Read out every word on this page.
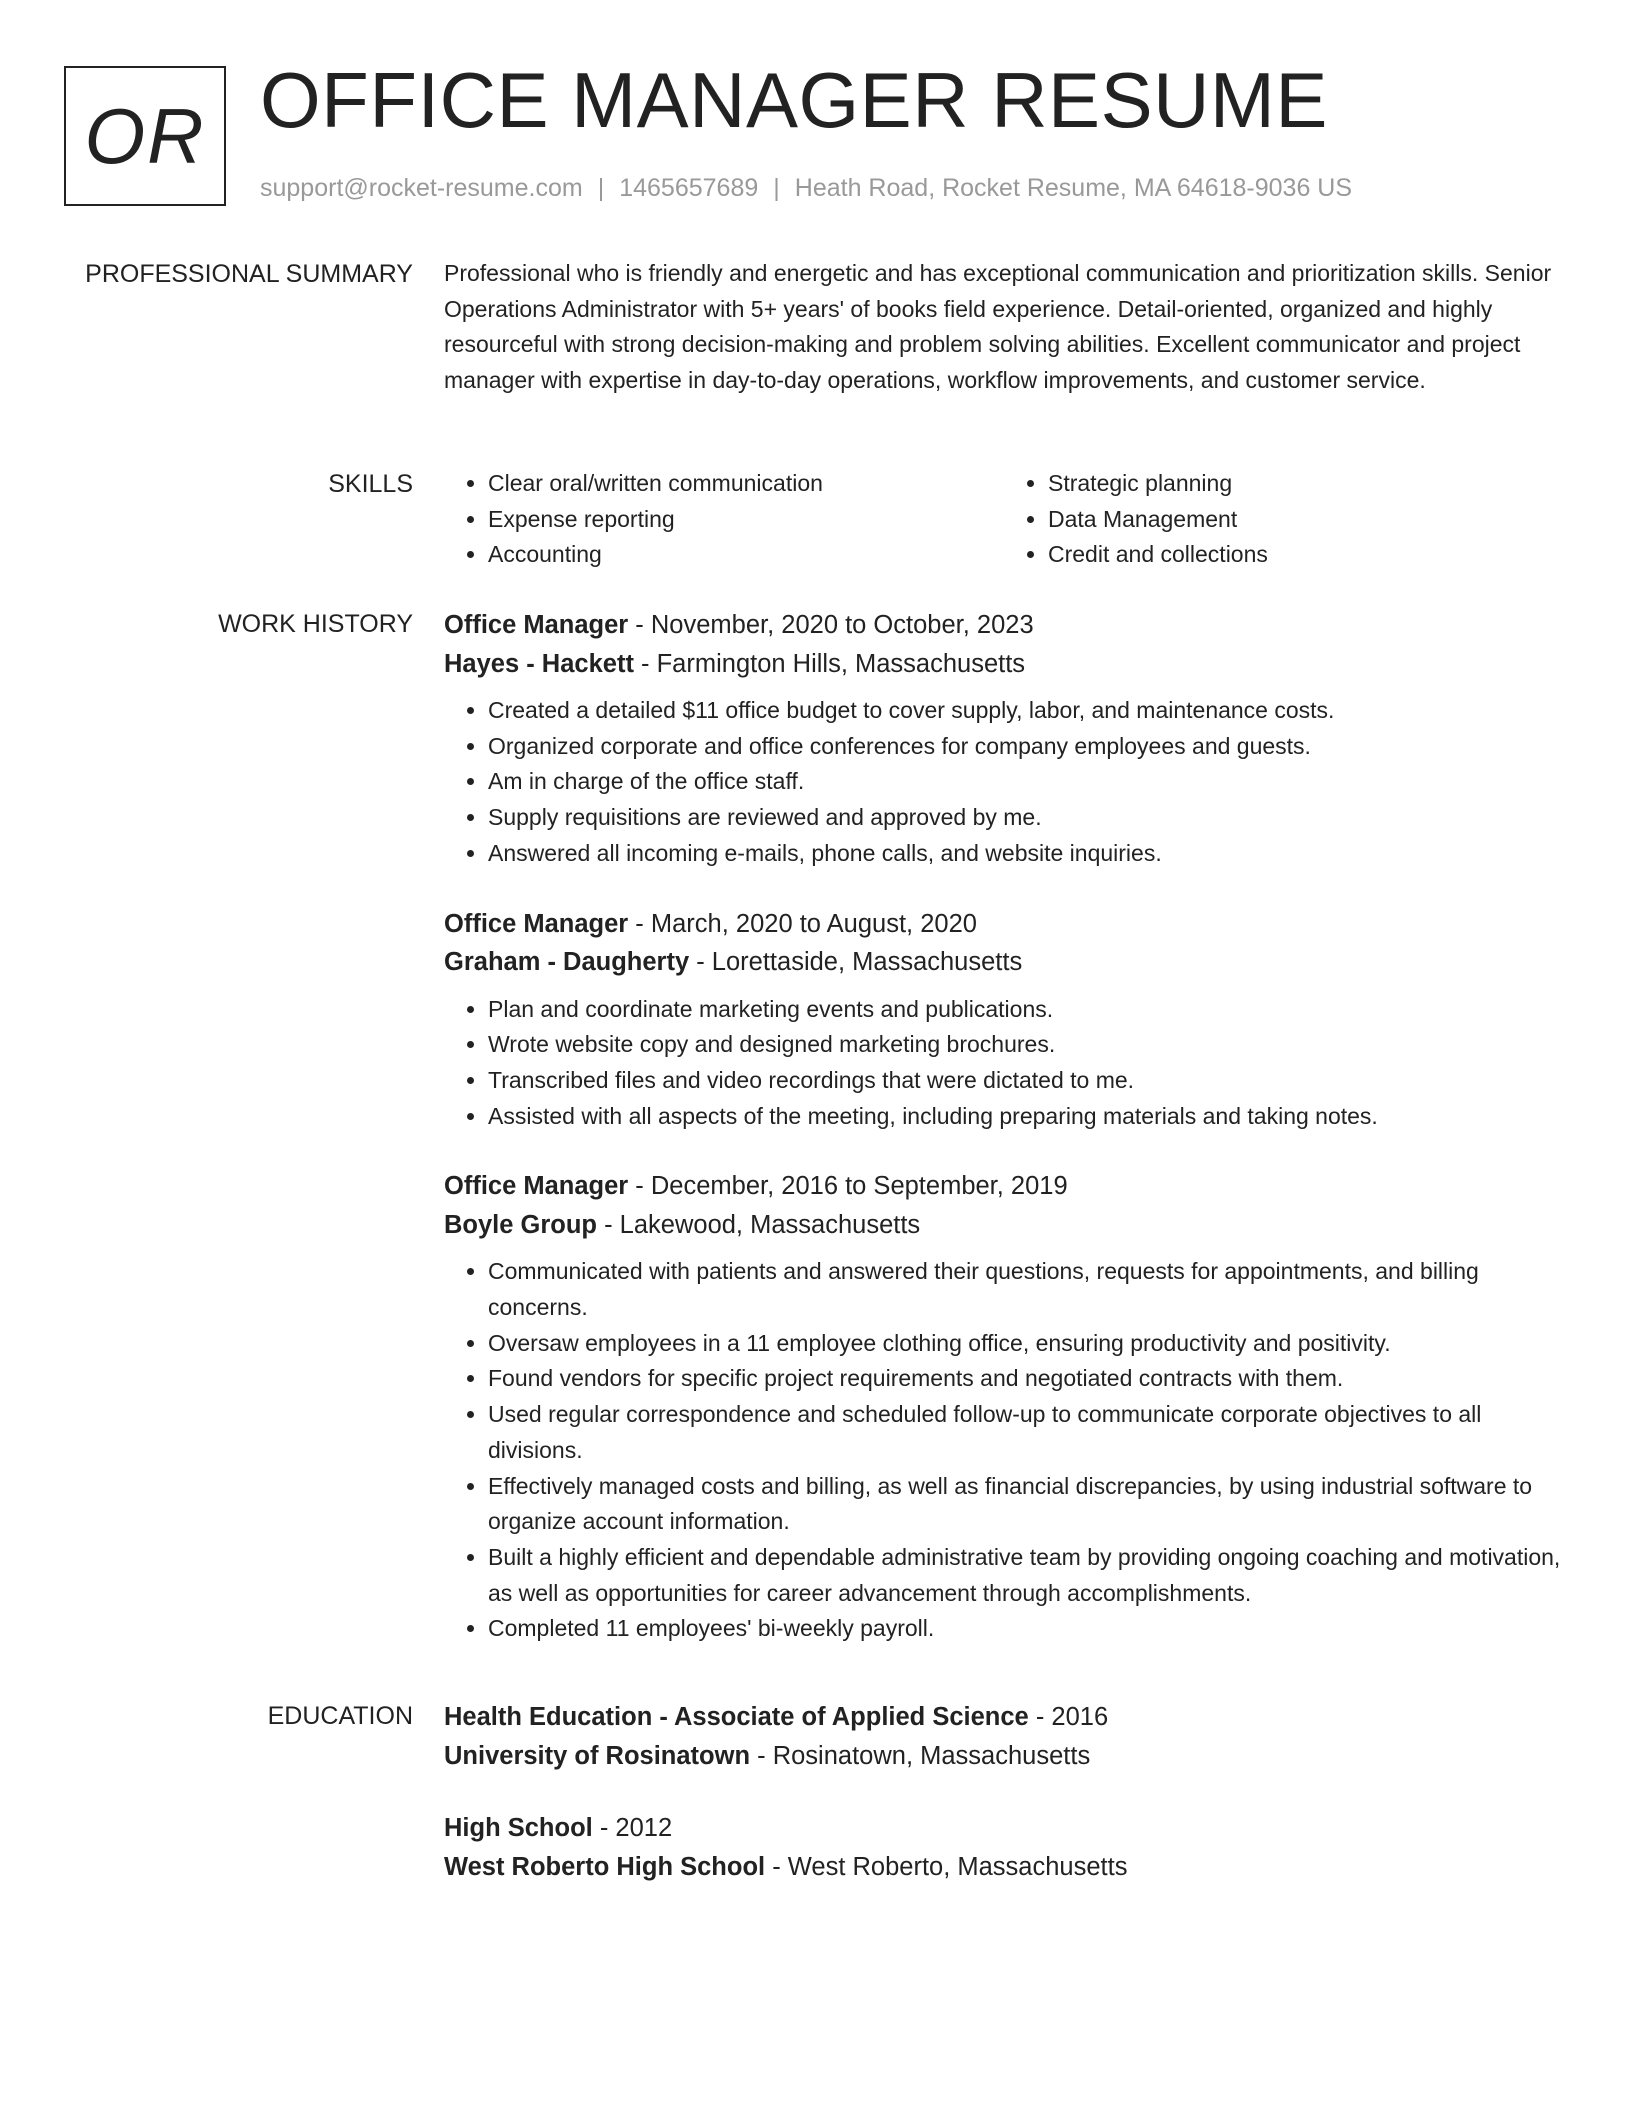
OR OFFICE MANAGER RESUME
support@rocket-resume.com | 1465657689 | Heath Road, Rocket Resume, MA 64618-9036 US
PROFESSIONAL SUMMARY Professional who is friendly and energetic and has exceptional communication and prioritization skills. Senior Operations Administrator with 5+ years' of books field experience. Detail-oriented, organized and highly resourceful with strong decision-making and problem solving abilities. Excellent communicator and project manager with expertise in day-to-day operations, workflow improvements, and customer service.

SKILLS
•	Clear oral/written communication
• Expense reporting
• Accounting
• Strategic planning
• Data Management
• Credit and collections
WORK HISTORY Office Manager - November, 2020 to October, 2023

Hayes - Hackett - Farmington Hills, Massachusetts

• Created a detailed $11 office budget to cover supply, labor, and maintenance costs.
• Organized corporate and office conferences for company employees and guests.
• Am in charge of the office staff.
• Supply requisitions are reviewed and approved by me.
• Answered all incoming e-mails, phone calls, and website inquiries.

Office Manager - March, 2020 to August, 2020

Graham - Daugherty - Lorettaside, Massachusetts

• Plan and coordinate marketing events and publications.
• Wrote website copy and designed marketing brochures.
• Transcribed files and video recordings that were dictated to me.
• Assisted with all aspects of the meeting, including preparing materials and taking notes.

Office Manager - December, 2016 to September, 2019

Boyle Group - Lakewood, Massachusetts

• Communicated with patients and answered their questions, requests for appointments, and billing concerns.
• Oversaw employees in a 11 employee clothing office, ensuring productivity and positivity.
• Found vendors for specific project requirements and negotiated contracts with them.
• Used regular correspondence and scheduled follow-up to communicate corporate objectives to all divisions.
• Effectively managed costs and billing, as well as financial discrepancies, by using industrial software to organize account information.
• Built a highly efficient and dependable administrative team by providing ongoing coaching and motivation, as well as opportunities for career advancement through accomplishments.
• Completed 11 employees' bi-weekly payroll.
EDUCATION Health Education - Associate of Applied Science - 2016

University of Rosinatown - Rosinatown, Massachusetts

High School - 2012

West Roberto High School - West Roberto, Massachusetts
